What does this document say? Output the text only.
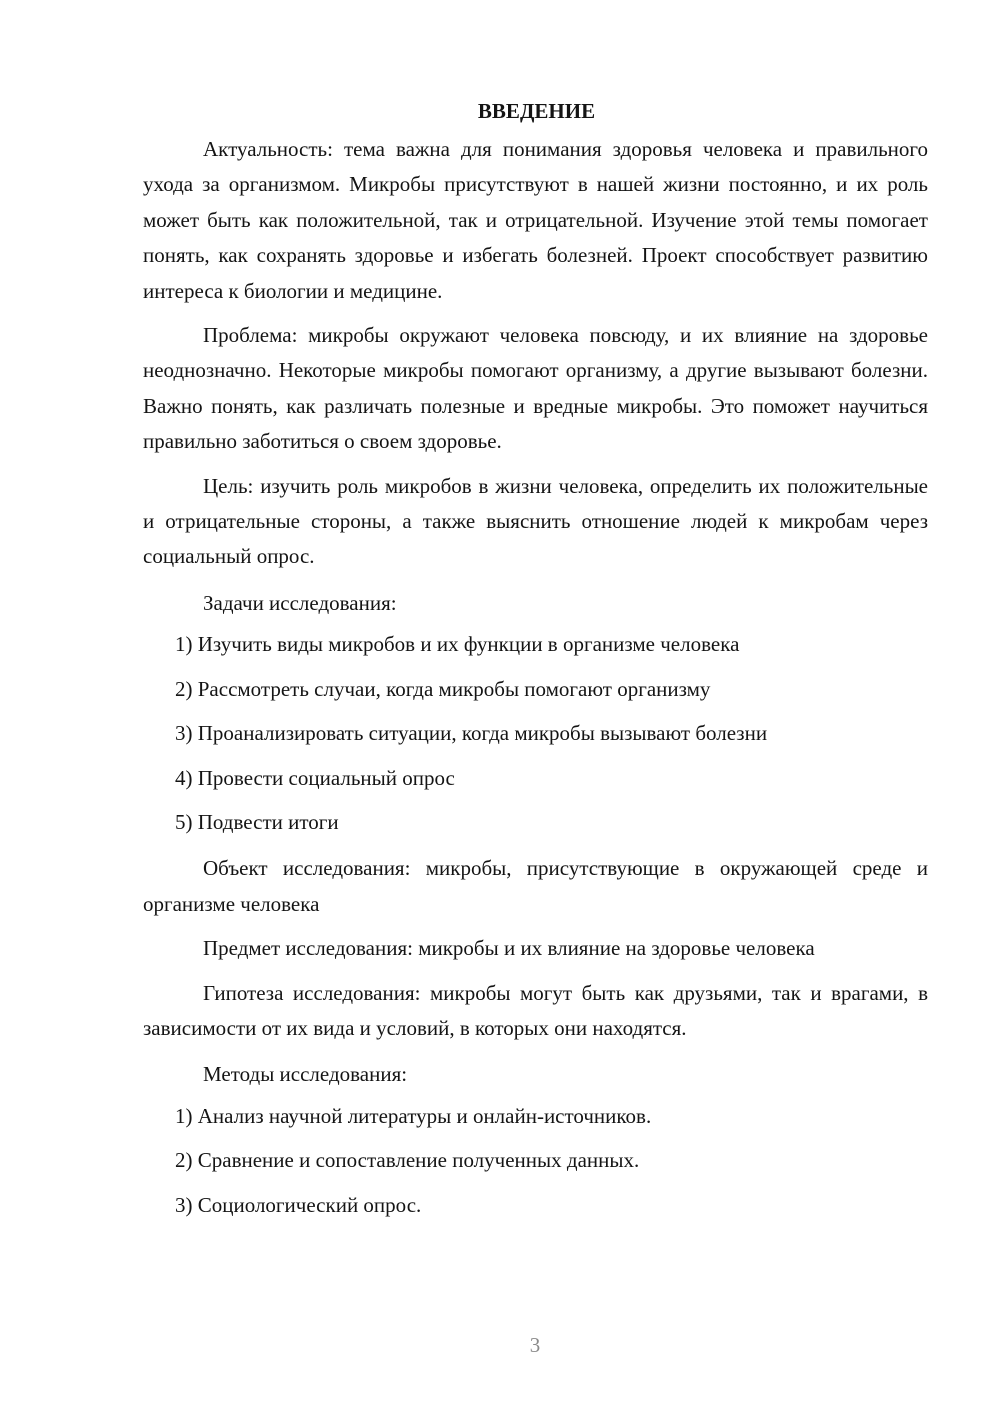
ВВЕДЕНИЕ

Актуальность: тема важна для понимания здоровья человека и правильного ухода за организмом. Микробы присутствуют в нашей жизни постоянно, и их роль может быть как положительной, так и отрицательной. Изучение этой темы помогает понять, как сохранять здоровье и избегать болезней. Проект способствует развитию интереса к биологии и медицине.

Проблема: микробы окружают человека повсюду, и их влияние на здоровье неоднозначно. Некоторые микробы помогают организму, а другие вызывают болезни. Важно понять, как различать полезные и вредные микробы. Это поможет научиться правильно заботиться о своем здоровье.

Цель: изучить роль микробов в жизни человека, определить их положительные и отрицательные стороны, а также выяснить отношение людей к микробам через социальный опрос.

Задачи исследования:

1) Изучить виды микробов и их функции в организме человека
2) Рассмотреть случаи, когда микробы помогают организму
3) Проанализировать ситуации, когда микробы вызывают болезни
4) Провести социальный опрос
5) Подвести итоги

Объект исследования: микробы, присутствующие в окружающей среде и организме человека

Предмет исследования: микробы и их влияние на здоровье человека

Гипотеза исследования: микробы могут быть как друзьями, так и врагами, в зависимости от их вида и условий, в которых они находятся.

Методы исследования:

1) Анализ научной литературы и онлайн-источников.
2) Сравнение и сопоставление полученных данных.
3) Социологический опрос.
3
